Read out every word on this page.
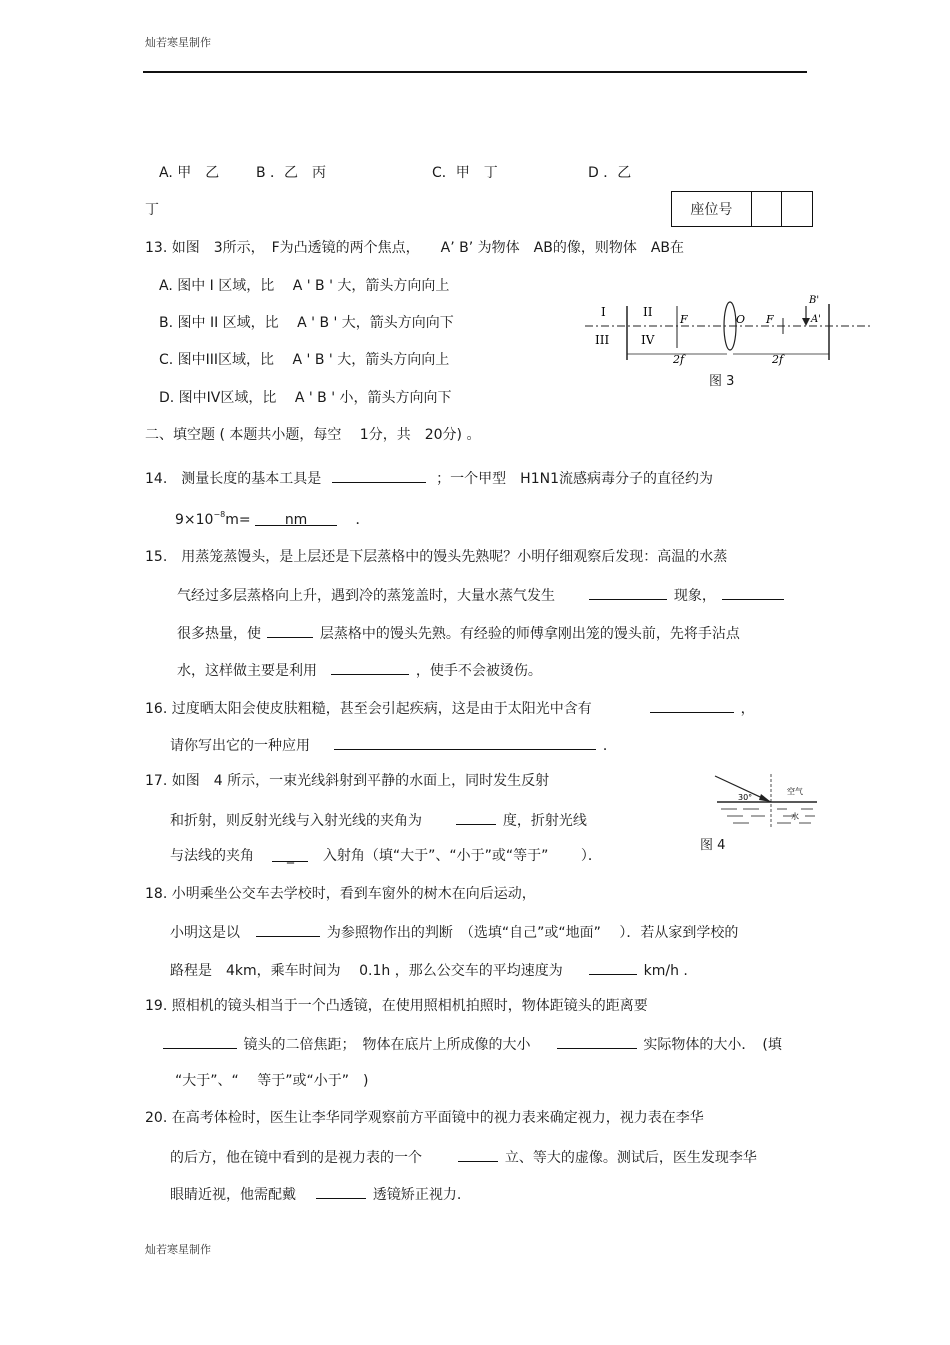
灿若寒星制作
A. 甲　乙	B ．乙　丙	C．甲　丁	D ．乙
丁	座位号
13. 如图　3所示，　F为凸透镜的两个焦点，　　A’ B’ 为物体　AB的像，则物体　AB在
A. 图中 I 区域，比　 A ' B ' 大，箭头方向向上
B. 图中 II 区域，比　 A ' B ' 大，箭头方向向下
C. 图中III区域，比　 A ' B ' 大，箭头方向向上
D. 图中IV区域，比　 A ' B ' 小，箭头方向向下
I	II
III	IV
F	O F
B'
A'
2f	2f
图 3
二、填空题 ( 本题共小题，每空　 1分，共　20分) 。
14.　测量长度的基本工具是	；一个甲型　H1N1流感病毒分子的直径约为
$9\times 10^{-8}m=$ nm	．
15.　用蒸笼蒸馒头，是上层还是下层蒸格中的馒头先熟呢？小明仔细观察后发现：高温的水蒸
气经过多层蒸格向上升，遇到冷的蒸笼盖时，大量水蒸气发生	现象，
很多热量，使	层蒸格中的馒头先熟。有经验的师傅拿刚出笼的馒头前，先将手沾点
水，这样做主要是利用	，使手不会被烫伤。
16. 过度晒太阳会使皮肤粗糙，甚至会引起疾病，这是由于太阳光中含有	，
请你写出它的一种应用	．
17. 如图　4 所示，一束光线斜射到平静的水面上，同时发生反射
和折射，则反射光线与入射光线的夹角为	度，折射光线
与法线的夹角　 _ 入射角（填“大于”、“小于”或“等于”　　 ）．
30°
空气
水
图 4
18. 小明乘坐公交车去学校时，看到车窗外的树木在向后运动，
小明这是以	为参照物作出的判断　（选填“自己”或“地面”　 ）．若从家到学校的
路程是　4km，乘车时间为　 0.1h ，那么公交车的平均速度为	km/h .
19. 照相机的镜头相当于一个凸透镜，在使用照相机拍照时，物体距镜头的距离要
镜头的二倍焦距；　物体在底片上所成像的大小	实际物体的大小．　(填
“大于”、“　 等于”或“小于”　)
20. 在高考体检时，医生让李华同学观察前方平面镜中的视力表来确定视力，视力表在李华
的后方，他在镜中看到的是视力表的一个	立、等大的虚像。测试后，医生发现李华
眼睛近视，他需配戴	透镜矫正视力.
灿若寒星制作
